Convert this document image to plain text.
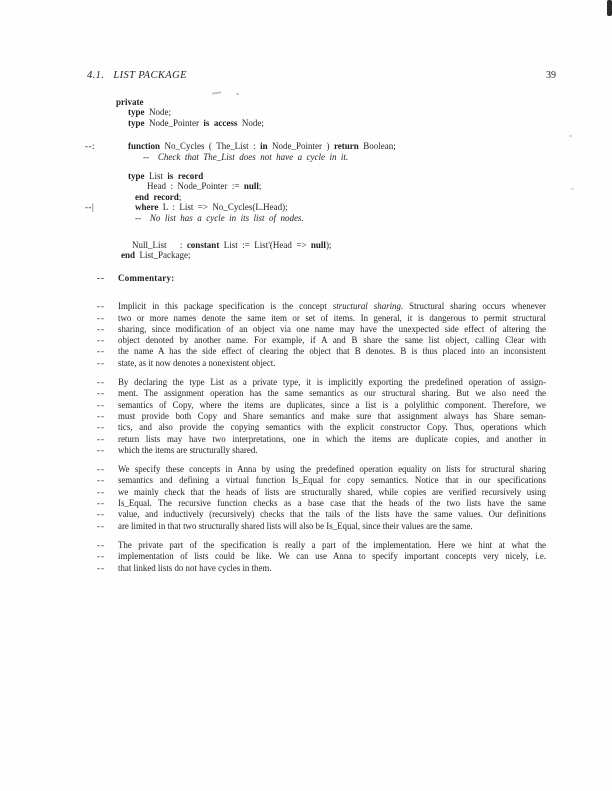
4.1. LIST PACKAGE	39
private
type Node;
type Node_Pointer is access Node;
--:	function No_Cycles ( The_List : in Node_Pointer ) return Boolean;
--  Check that The_List does not have a cycle in it.
type List is record
Head : Node_Pointer := null;
end record;
--|	where L : List => No_Cycles(L.Head);
--  No list has a cycle in its list of nodes.
Null_List   : constant List := List'(Head => null);
end List_Package;
--	Commentary:
--	Implicit in this package specification is the concept structural sharing. Structural sharing occurs whenever
--	two or more names denote the same item or set of items. In general, it is dangerous to permit structural
--	sharing, since modification of an object via one name may have the unexpected side effect of altering the
--	object denoted by another name. For example, if A and B share the same list object, calling Clear with
--	the name A has the side effect of clearing the object that B denotes. B is thus placed into an inconsistent
--	state, as it now denotes a nonexistent object.
--	By declaring the type List as a private type, it is implicitly exporting the predefined operation of assign-
--	ment. The assignment operation has the same semantics as our structural sharing. But we also need the
--	semantics of Copy, where the items are duplicates, since a list is a polylithic component. Therefore, we
--	must provide both Copy and Share semantics and make sure that assignment always has Share seman-
--	tics, and also provide the copying semantics with the explicit constructor Copy. Thus, operations which
--	return lists may have two interpretations, one in which the items are duplicate copies, and another in
--	which the items are structurally shared.
--	We specify these concepts in Anna by using the predefined operation equality on lists for structural sharing
--	semantics and defining a virtual function Is_Equal for copy semantics. Notice that in our specifications
--	we mainly check that the heads of lists are structurally shared, while copies are verified recursively using
--	Is_Equal. The recursive function checks as a base case that the heads of the two lists have the same
--	value, and inductively (recursively) checks that the tails of the lists have the same values. Our definitions
--	are limited in that two structurally shared lists will also be Is_Equal, since their values are the same.
--	The private part of the specification is really a part of the implementation. Here we hint at what the
--	implementation of lists could be like. We can use Anna to specify important concepts very nicely, i.e.
--	that linked lists do not have cycles in them.
